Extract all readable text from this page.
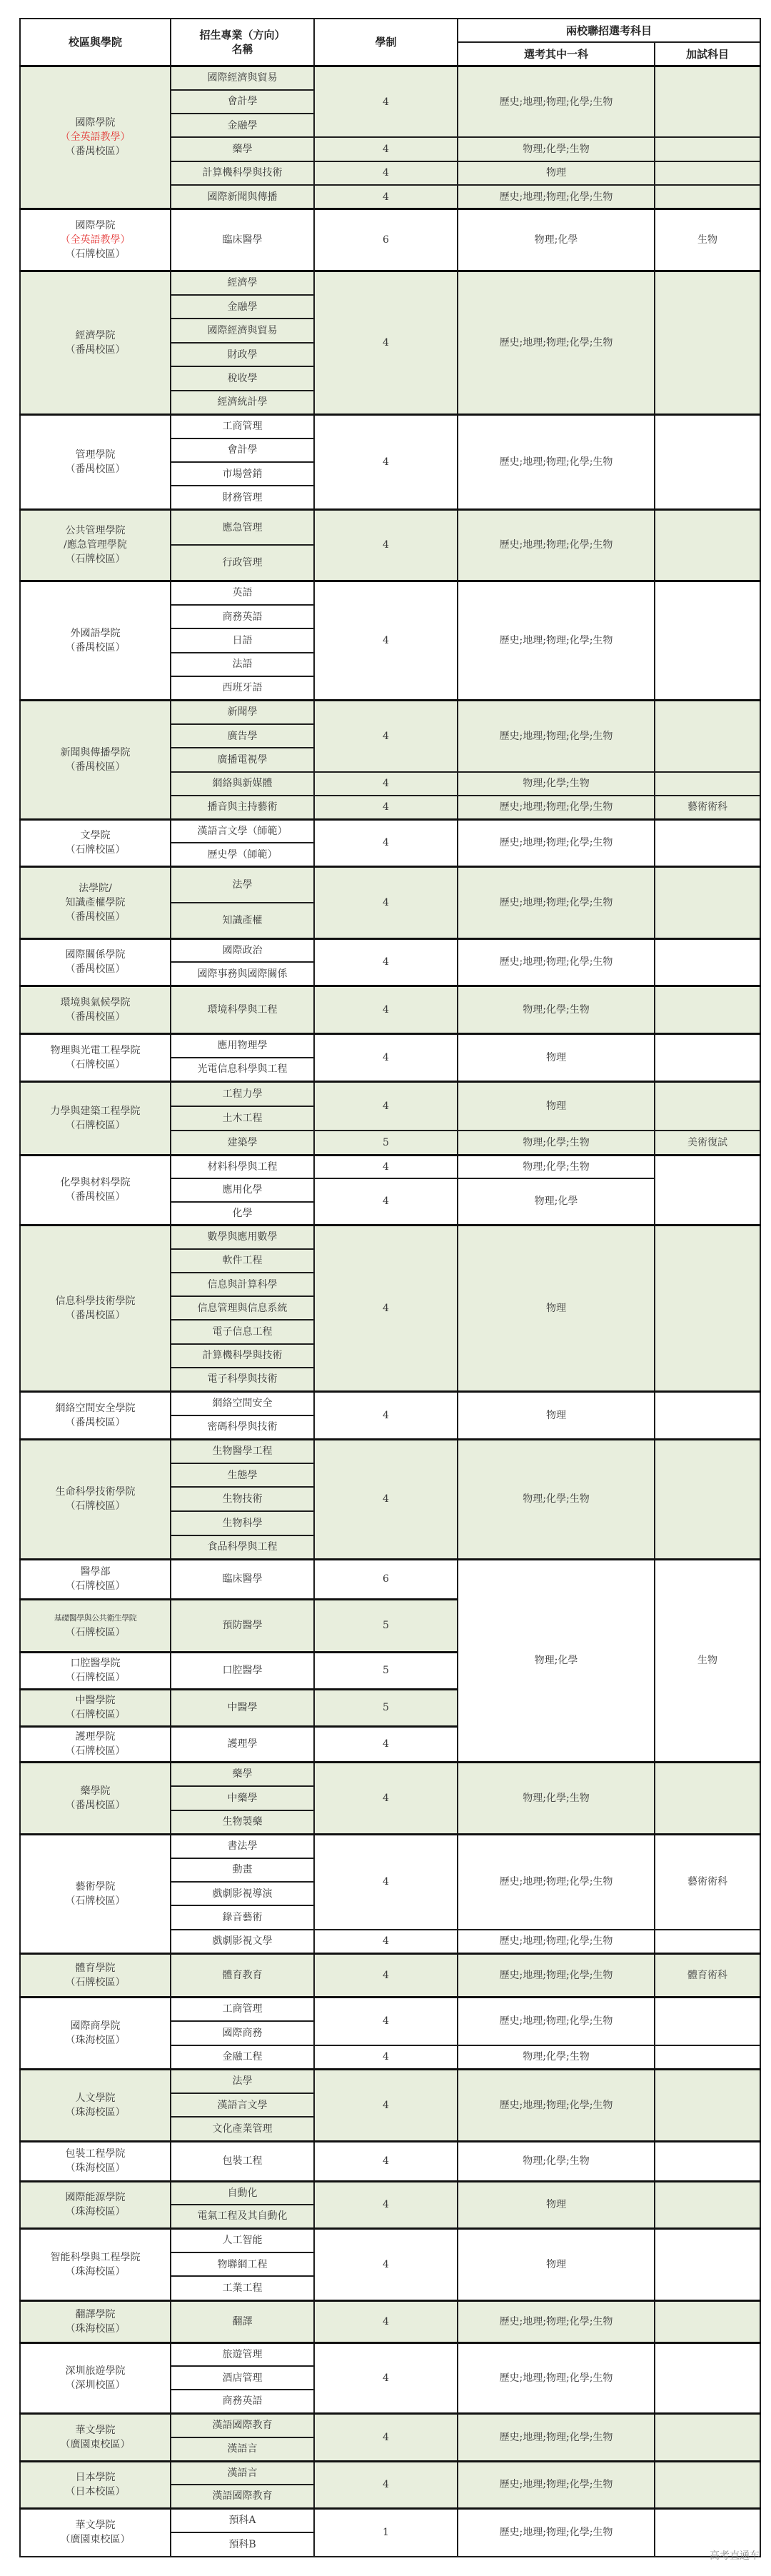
校區與學院	招生專業（方向）
名稱	學制	兩校聯招選考科目	
			選考其中一科	加試科目

國際學院
（全英語教學）
（番禺校區）	國際經濟與貿易	4	歷史;地理;物理;化學;生物	
	會計學			
	金融學			
	藥學	4	物理;化學;生物	
	計算機科學與技術	4	物理	
	國際新聞與傳播	4	歷史;地理;物理;化學;生物	

國際學院
（全英語教學）
（石牌校區）	臨床醫學	6	物理;化學	生物

經濟學院
（番禺校區）	經濟學	4	歷史;地理;物理;化學;生物	
	金融學			
	國際經濟與貿易			
	財政學			
	稅收學			
	經濟統計學			

管理學院
（番禺校區）	工商管理	4	歷史;地理;物理;化學;生物	
	會計學			
	市場營銷			
	財務管理			

公共管理學院
/應急管理學院
（石牌校區）	應急管理	4	歷史;地理;物理;化學;生物	
	行政管理			

外國語學院
（番禺校區）	英語	4	歷史;地理;物理;化學;生物	
	商務英語			
	日語			
	法語			
	西班牙語			

新聞與傳播學院
（番禺校區）	新聞學	4	歷史;地理;物理;化學;生物	
	廣告學			
	廣播電視學			
	網絡與新媒體	4	物理;化學;生物	
	播音與主持藝術	4	歷史;地理;物理;化學;生物	藝術術科

文學院
（石牌校區）	漢語言文學（師範）	4	歷史;地理;物理;化學;生物	
	歷史學（師範）			

法學院/
知識產權學院
（番禺校區）	法學	4	歷史;地理;物理;化學;生物	
	知識產權			

國際關係學院
（番禺校區）	國際政治	4	歷史;地理;物理;化學;生物	
	國際事務與國際關係			

環境與氣候學院
（番禺校區）	環境科學與工程	4	物理;化學;生物	

物理與光電工程學院
（石牌校區）	應用物理學	4	物理	
	光電信息科學與工程			

力學與建築工程學院
（石牌校區）	工程力學	4	物理	
	土木工程			
	建築學	5	物理;化學;生物	美術復試

化學與材料學院
（番禺校區）	材料科學與工程	4	物理;化學;生物	
	應用化學	4	物理;化學	
	化學			

信息科學技術學院
（番禺校區）	數學與應用數學	4	物理	
	軟件工程			
	信息與計算科學			
	信息管理與信息系統			
	電子信息工程			
	計算機科學與技術			
	電子科學與技術			

網絡空間安全學院
（番禺校區）	網絡空間安全	4	物理	
	密碼科學與技術			

生命科學技術學院
（石牌校區）	生物醫學工程	4	物理;化學;生物	
	生態學			
	生物技術			
	生物科學			
	食品科學與工程			

醫學部
（石牌校區）	臨床醫學	6	物理;化學	生物

基礎醫學與公共衛生學院
（石牌校區）	預防醫學	5		

口腔醫學院
（石牌校區）	口腔醫學	5		

中醫學院
（石牌校區）	中醫學	5		

護理學院
（石牌校區）	護理學	4		

藥學院
（番禺校區）	藥學	4	物理;化學;生物	
	中藥學			
	生物製藥			

藝術學院
（石牌校區）	書法學	4	歷史;地理;物理;化學;生物	藝術術科
	動畫			
	戲劇影視導演			
	錄音藝術			
	戲劇影視文學	4	歷史;地理;物理;化學;生物	

體育學院
（石牌校區）	體育教育	4	歷史;地理;物理;化學;生物	體育術科

國際商學院
（珠海校區）	工商管理	4	歷史;地理;物理;化學;生物	
	國際商務			
	金融工程	4	物理;化學;生物	

人文學院
（珠海校區）	法學	4	歷史;地理;物理;化學;生物	
	漢語言文學			
	文化產業管理			

包裝工程學院
（珠海校區）	包裝工程	4	物理;化學;生物	

國際能源學院
（珠海校區）	自動化	4	物理	
	電氣工程及其自動化			

智能科學與工程學院
（珠海校區）	人工智能	4	物理	
	物聯網工程			
	工業工程			

翻譯學院
（珠海校區）	翻譯	4	歷史;地理;物理;化學;生物	

深圳旅遊學院
（深圳校區）	旅遊管理	4	歷史;地理;物理;化學;生物	
	酒店管理			
	商務英語			

華文學院
（廣園東校區）	漢語國際教育	4	歷史;地理;物理;化學;生物	
	漢語言			

日本學院
（日本校區）	漢語言	4	歷史;地理;物理;化學;生物	
	漢語國際教育			

華文學院
（廣園東校區）	預科A	1	歷史;地理;物理;化學;生物	
	預科B			
高考直通车
